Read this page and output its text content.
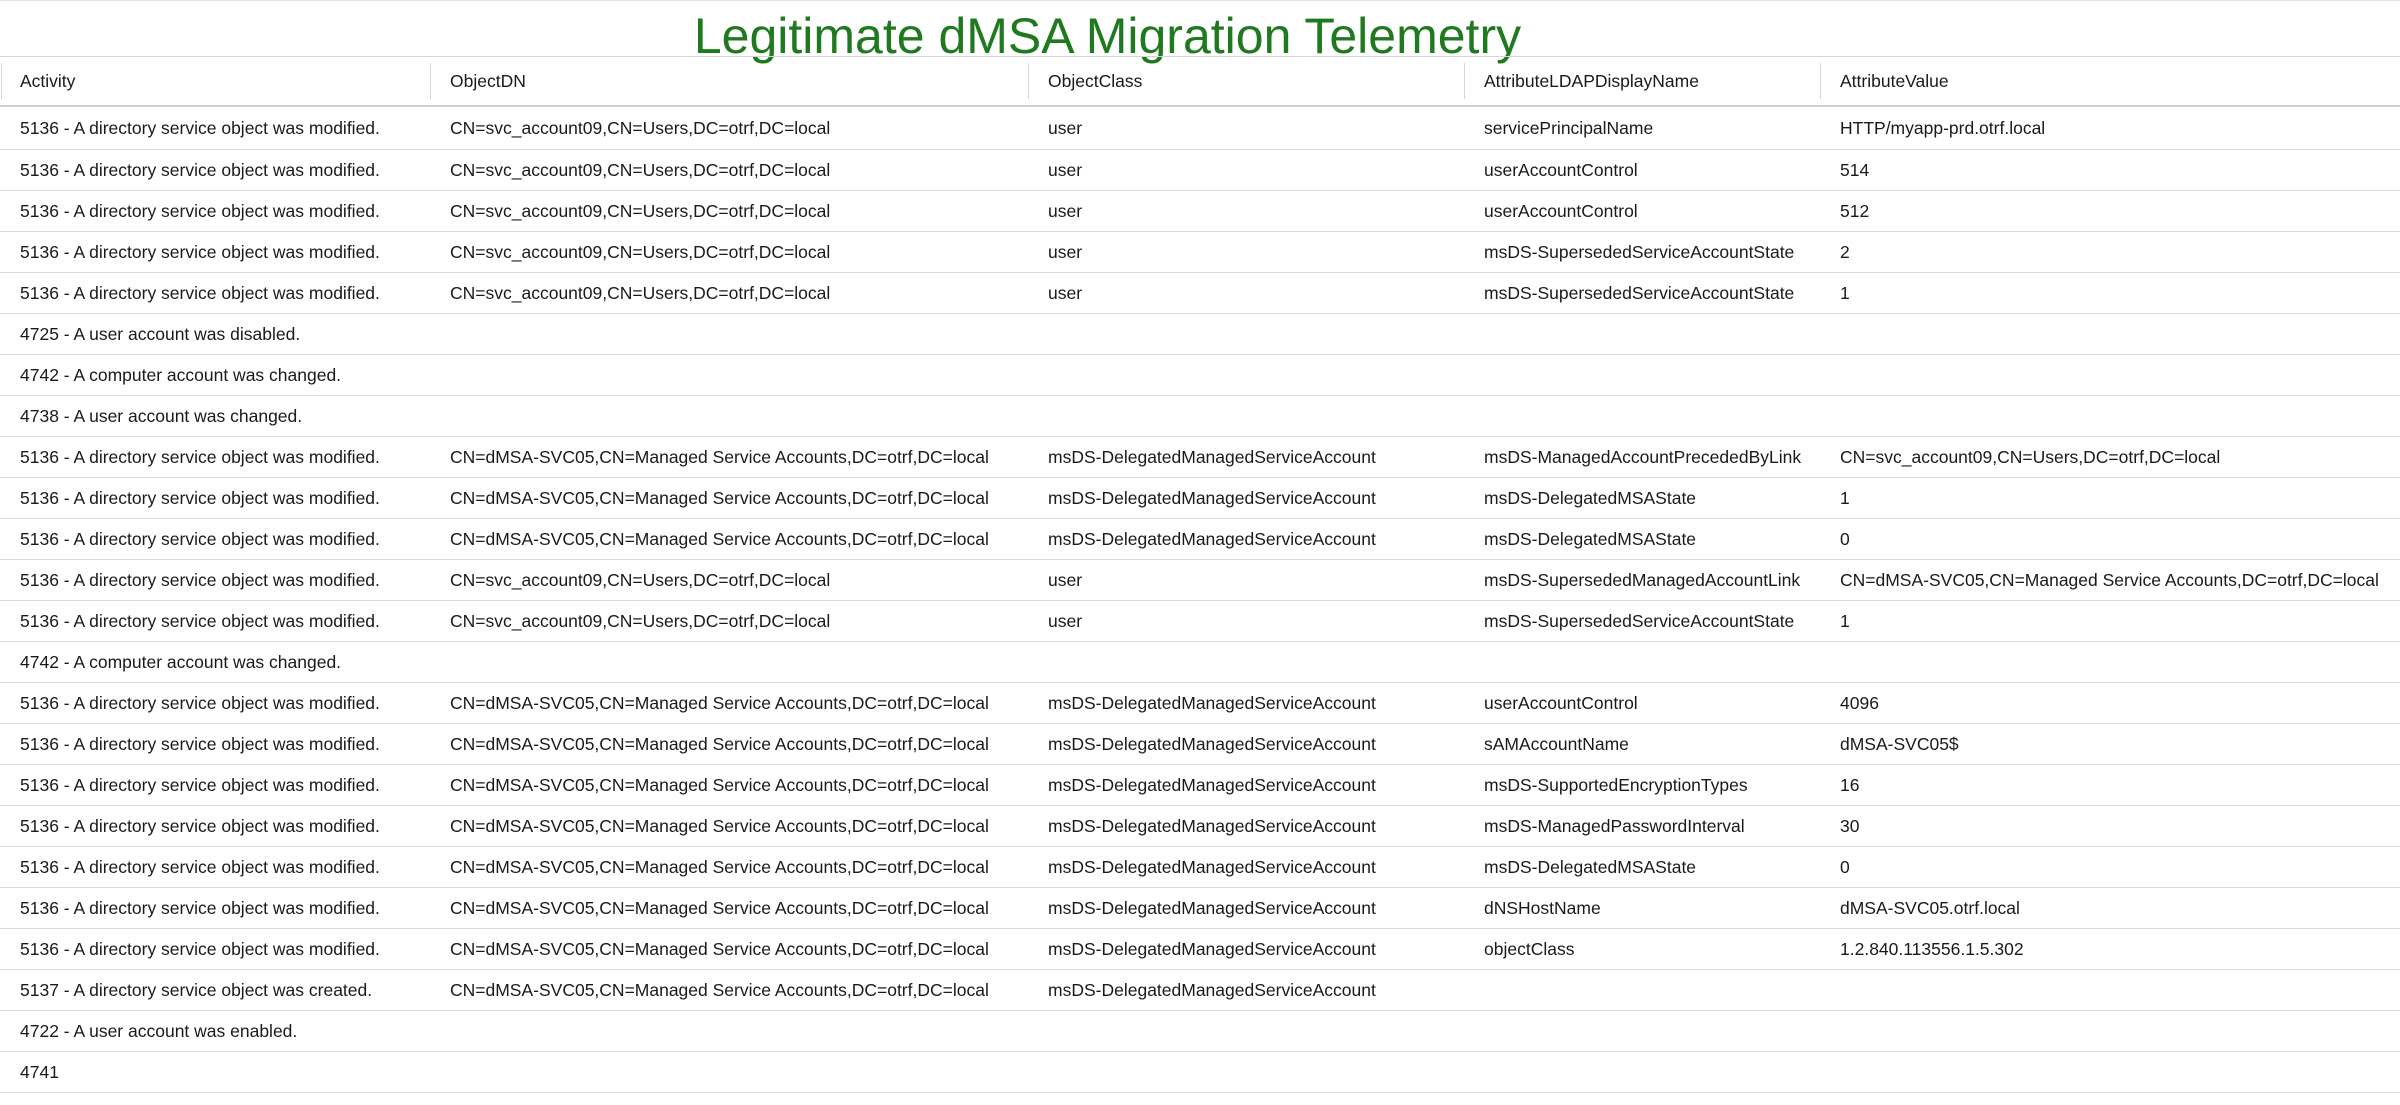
Legitimate dMSA Migration Telemetry
Activity	ObjectDN	ObjectClass	AttributeLDAPDisplayName	AttributeValue
5136 - A directory service object was modified.	CN=svc_account09,CN=Users,DC=otrf,DC=local	user	servicePrincipalName	HTTP/myapp-prd.otrf.local
5136 - A directory service object was modified.	CN=svc_account09,CN=Users,DC=otrf,DC=local	user	userAccountControl	514
5136 - A directory service object was modified.	CN=svc_account09,CN=Users,DC=otrf,DC=local	user	userAccountControl	512
5136 - A directory service object was modified.	CN=svc_account09,CN=Users,DC=otrf,DC=local	user	msDS-SupersededServiceAccountState	2
5136 - A directory service object was modified.	CN=svc_account09,CN=Users,DC=otrf,DC=local	user	msDS-SupersededServiceAccountState	1
4725 - A user account was disabled.				
4742 - A computer account was changed.				
4738 - A user account was changed.				
5136 - A directory service object was modified.	CN=dMSA-SVC05,CN=Managed Service Accounts,DC=otrf,DC=local	msDS-DelegatedManagedServiceAccount	msDS-ManagedAccountPrecededByLink	CN=svc_account09,CN=Users,DC=otrf,DC=local
5136 - A directory service object was modified.	CN=dMSA-SVC05,CN=Managed Service Accounts,DC=otrf,DC=local	msDS-DelegatedManagedServiceAccount	msDS-DelegatedMSAState	1
5136 - A directory service object was modified.	CN=dMSA-SVC05,CN=Managed Service Accounts,DC=otrf,DC=local	msDS-DelegatedManagedServiceAccount	msDS-DelegatedMSAState	0
5136 - A directory service object was modified.	CN=svc_account09,CN=Users,DC=otrf,DC=local	user	msDS-SupersededManagedAccountLink	CN=dMSA-SVC05,CN=Managed Service Accounts,DC=otrf,DC=local
5136 - A directory service object was modified.	CN=svc_account09,CN=Users,DC=otrf,DC=local	user	msDS-SupersededServiceAccountState	1
4742 - A computer account was changed.				
5136 - A directory service object was modified.	CN=dMSA-SVC05,CN=Managed Service Accounts,DC=otrf,DC=local	msDS-DelegatedManagedServiceAccount	userAccountControl	4096
5136 - A directory service object was modified.	CN=dMSA-SVC05,CN=Managed Service Accounts,DC=otrf,DC=local	msDS-DelegatedManagedServiceAccount	sAMAccountName	dMSA-SVC05$
5136 - A directory service object was modified.	CN=dMSA-SVC05,CN=Managed Service Accounts,DC=otrf,DC=local	msDS-DelegatedManagedServiceAccount	msDS-SupportedEncryptionTypes	16
5136 - A directory service object was modified.	CN=dMSA-SVC05,CN=Managed Service Accounts,DC=otrf,DC=local	msDS-DelegatedManagedServiceAccount	msDS-ManagedPasswordInterval	30
5136 - A directory service object was modified.	CN=dMSA-SVC05,CN=Managed Service Accounts,DC=otrf,DC=local	msDS-DelegatedManagedServiceAccount	msDS-DelegatedMSAState	0
5136 - A directory service object was modified.	CN=dMSA-SVC05,CN=Managed Service Accounts,DC=otrf,DC=local	msDS-DelegatedManagedServiceAccount	dNSHostName	dMSA-SVC05.otrf.local
5136 - A directory service object was modified.	CN=dMSA-SVC05,CN=Managed Service Accounts,DC=otrf,DC=local	msDS-DelegatedManagedServiceAccount	objectClass	1.2.840.113556.1.5.302
5137 - A directory service object was created.	CN=dMSA-SVC05,CN=Managed Service Accounts,DC=otrf,DC=local	msDS-DelegatedManagedServiceAccount		
4722 - A user account was enabled.				
4741				
